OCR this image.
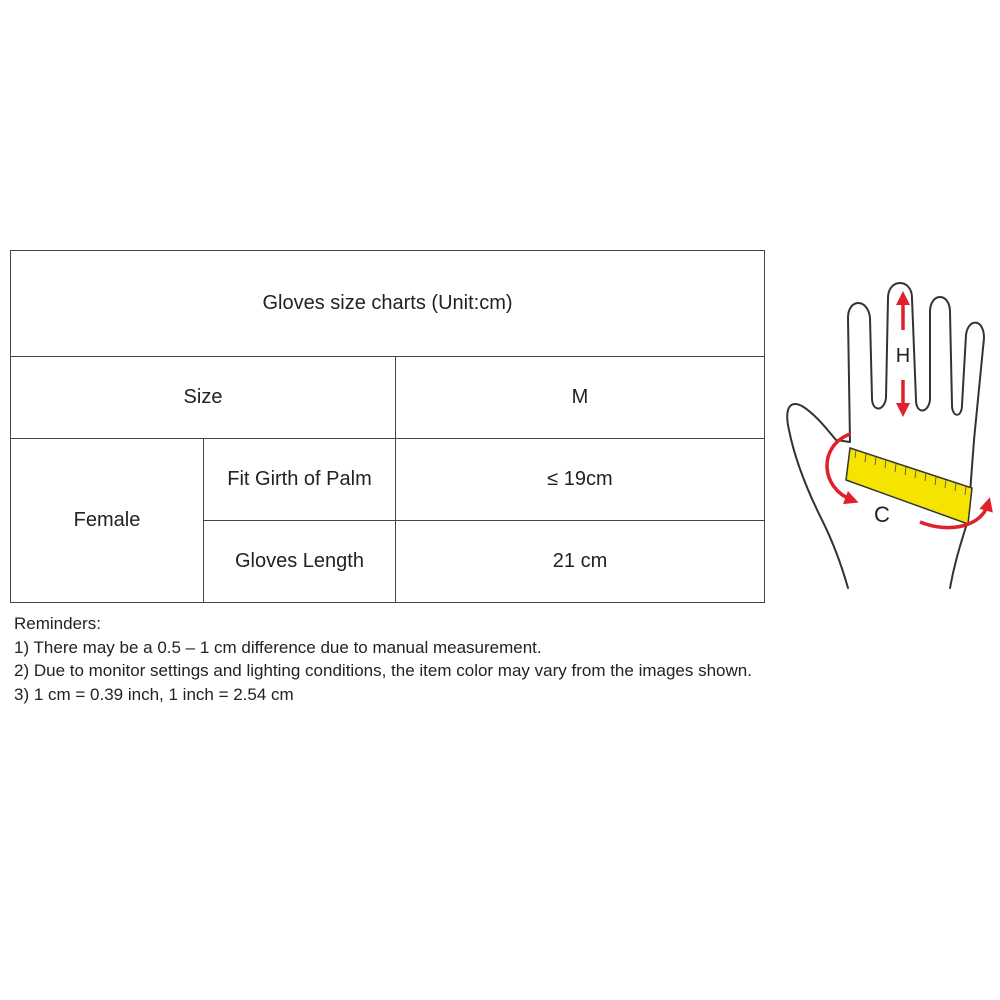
Gloves size charts (Unit:cm)		
Size		M
Female	Fit Girth of Palm	≤ 19cm
	Gloves Length	21 cm
Reminders:
1) There may be a 0.5 – 1 cm difference due to manual measurement.
2) Due to monitor settings and lighting conditions, the item color may vary from the images shown.
3) 1 cm = 0.39 inch, 1 inch = 2.54 cm
H
C
